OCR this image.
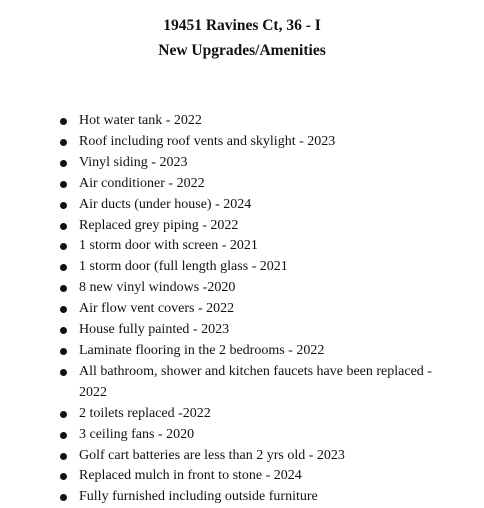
19451 Ravines Ct, 36 - I
New Upgrades/Amenities
Hot water tank - 2022
Roof including roof vents and skylight - 2023
Vinyl siding - 2023
Air conditioner - 2022
Air ducts (under house) - 2024
Replaced grey piping - 2022
1 storm door with screen - 2021
1 storm door (full length glass - 2021
8 new vinyl windows -2020
Air flow vent covers - 2022
House fully painted - 2023
Laminate flooring in the 2 bedrooms - 2022
All bathroom, shower and kitchen faucets have been replaced -
2022
2 toilets replaced -2022
3 ceiling fans - 2020
Golf cart batteries are less than 2 yrs old - 2023
Replaced mulch in front to stone - 2024
Fully furnished including outside furniture
